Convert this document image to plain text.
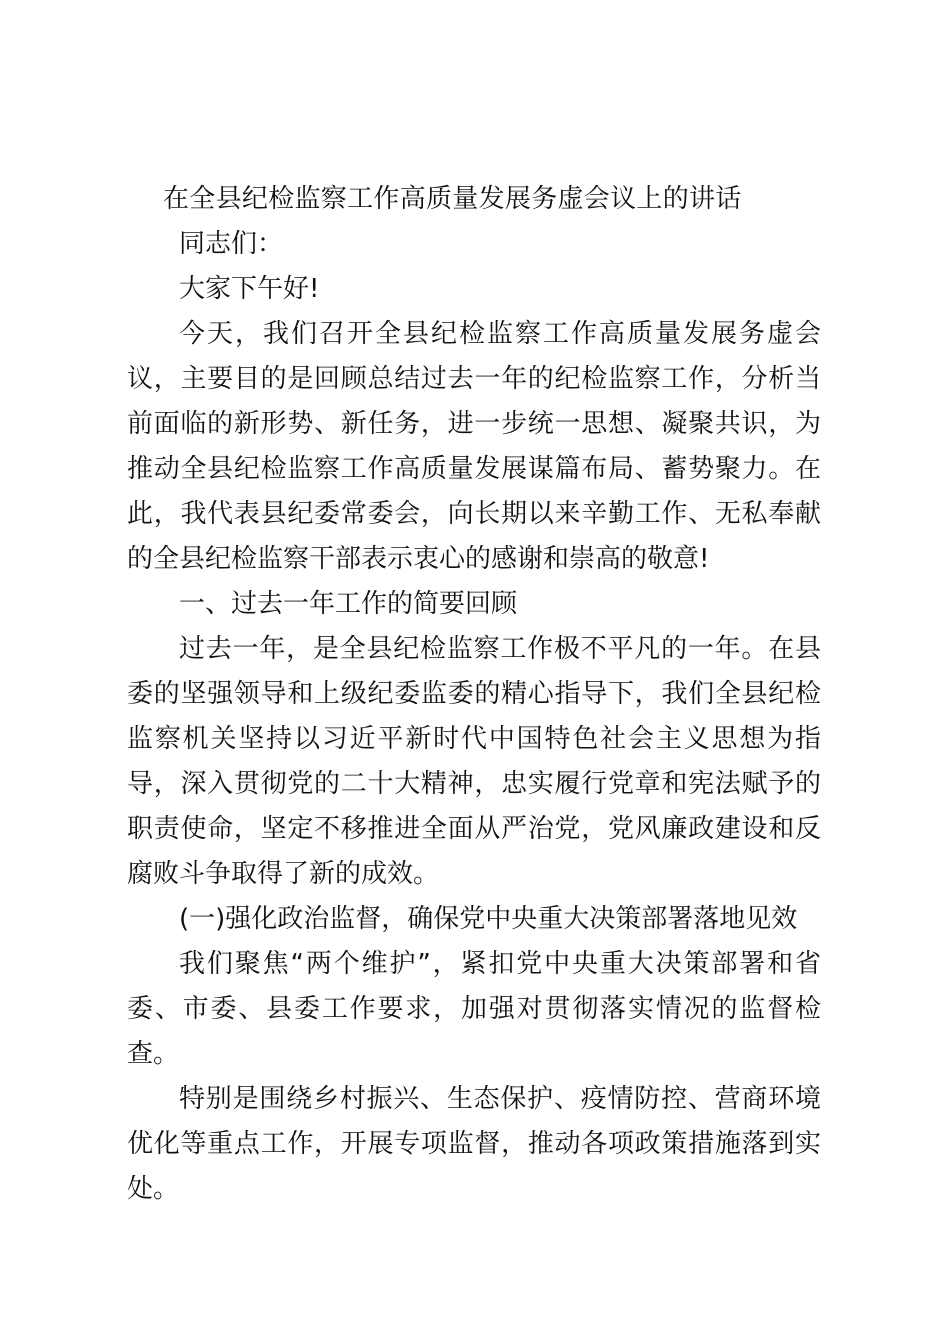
在全县纪检监察工作高质量发展务虚会议上的讲话

同志们：

大家下午好!

今天，我们召开全县纪检监察工作高质量发展务虚会议，主要目的是回顾总结过去一年的纪检监察工作，分析当前面临的新形势、新任务，进一步统一思想、凝聚共识，为推动全县纪检监察工作高质量发展谋篇布局、蓄势聚力。在此，我代表县纪委常委会，向长期以来辛勤工作、无私奉献的全县纪检监察干部表示衷心的感谢和崇高的敬意!

一、过去一年工作的简要回顾

过去一年，是全县纪检监察工作极不平凡的一年。在县委的坚强领导和上级纪委监委的精心指导下，我们全县纪检监察机关坚持以习近平新时代中国特色社会主义思想为指导，深入贯彻党的二十大精神，忠实履行党章和宪法赋予的职责使命，坚定不移推进全面从严治党，党风廉政建设和反腐败斗争取得了新的成效。

(一)强化政治监督，确保党中央重大决策部署落地见效

我们聚焦“两个维护”，紧扣党中央重大决策部署和省委、市委、县委工作要求，加强对贯彻落实情况的监督检查。

特别是围绕乡村振兴、生态保护、疫情防控、营商环境优化等重点工作，开展专项监督，推动各项政策措施落到实处。
